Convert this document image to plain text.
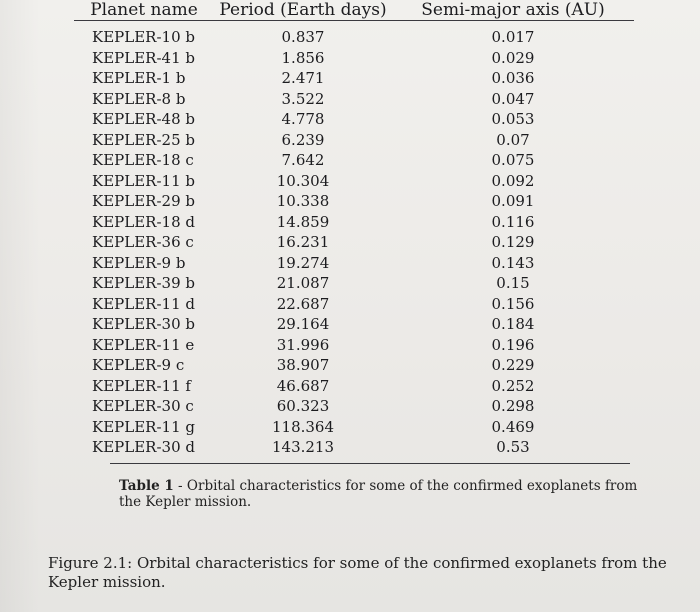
Planet name	Period (Earth days)	Semi-major axis (AU)
KEPLER-10 b	0.837	0.017
KEPLER-41 b	1.856	0.029
KEPLER-1 b	2.471	0.036
KEPLER-8 b	3.522	0.047
KEPLER-48 b	4.778	0.053
KEPLER-25 b	6.239	0.07
KEPLER-18 c	7.642	0.075
KEPLER-11 b	10.304	0.092
KEPLER-29 b	10.338	0.091
KEPLER-18 d	14.859	0.116
KEPLER-36 c	16.231	0.129
KEPLER-9 b	19.274	0.143
KEPLER-39 b	21.087	0.15
KEPLER-11 d	22.687	0.156
KEPLER-30 b	29.164	0.184
KEPLER-11 e	31.996	0.196
KEPLER-9 c	38.907	0.229
KEPLER-11 f	46.687	0.252
KEPLER-30 c	60.323	0.298
KEPLER-11 g	118.364	0.469
KEPLER-30 d	143.213	0.53
Table 1 - Orbital characteristics for some of the confirmed exoplanets from the Kepler mission.
Figure 2.1: Orbital characteristics for some of the confirmed exoplanets from the Kepler mission.
